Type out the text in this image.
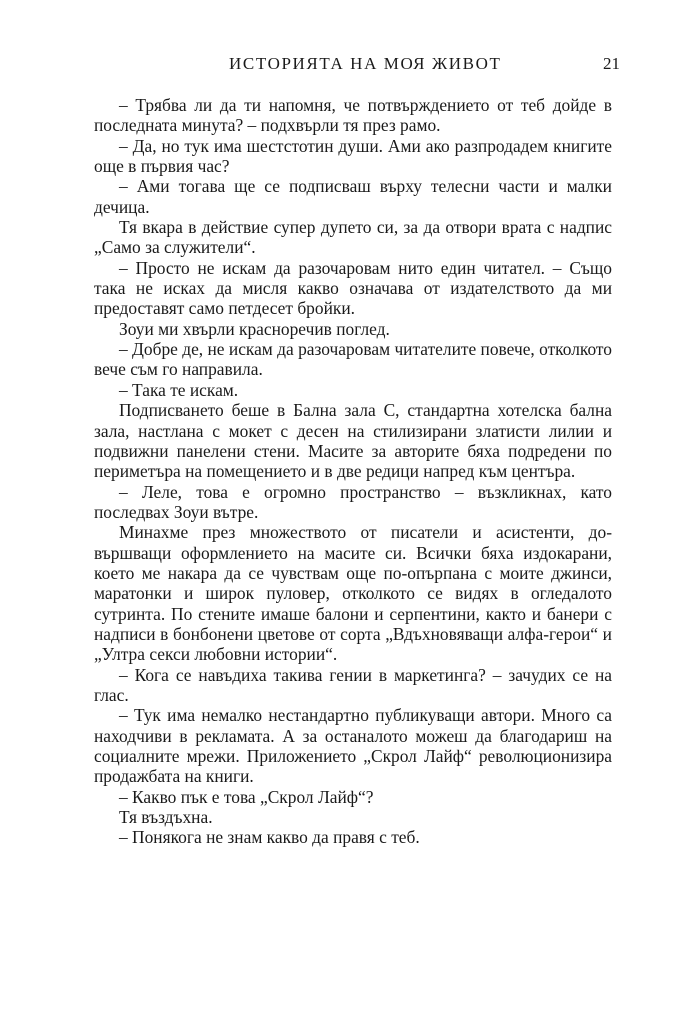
ИСТОРИЯТА НА МОЯ ЖИВОТ	21

– Трябва ли да ти напомня, че потвърждението от теб дойде в последната минута? – подхвърли тя през рамо.

– Да, но тук има шестстотин души. Ами ако разпродадем книгите още в първия час?

– Ами тогава ще се подписваш върху телесни части и малки дечица.

Тя вкара в действие супер дупето си, за да отвори врата с надпис „Само за служители“.

– Просто не искам да разочаровам нито един читател. – Също така не исках да мисля какво означава от издателството да ми предоставят само петдесет бройки.

Зоуи ми хвърли красноречив поглед.

– Добре де, не искам да разочаровам читателите повече, отколкото вече съм го направила.

– Така те искам.

Подписването беше в Бална зала С, стандартна хотелска бална зала, настлана с мокет с десен на стилизирани златисти лилии и подвижни панелени стени. Масите за авторите бяха подредени по периметъра на помещението и в две редици напред към центъра.

– Леле, това е огромно пространство – възкликнах, като последвах Зоуи вътре.

Минахме през множеството от писатели и асистенти, довършващи оформлението на масите си. Всички бяха издокарани, което ме накара да се чувствам още по-опърпана с моите джинси, маратонки и широк пуловер, отколкото се видях в огледалото сутринта. По стените имаше балони и серпентини, както и банери с надписи в бонбонени цветове от сорта „Вдъхновяващи алфа-герои“ и „Ултра секси любовни истории“.

– Кога се навъдиха такива гении в маркетинга? – зачудих се на глас.

– Тук има немалко нестандартно публикуващи автори. Много са находчиви в рекламата. А за останалото можеш да благодариш на социалните мрежи. Приложението „Скрол Лайф“ революционизира продажбата на книги.

– Какво пък е това „Скрол Лайф“?

Тя въздъхна.

– Понякога не знам какво да правя с теб.
